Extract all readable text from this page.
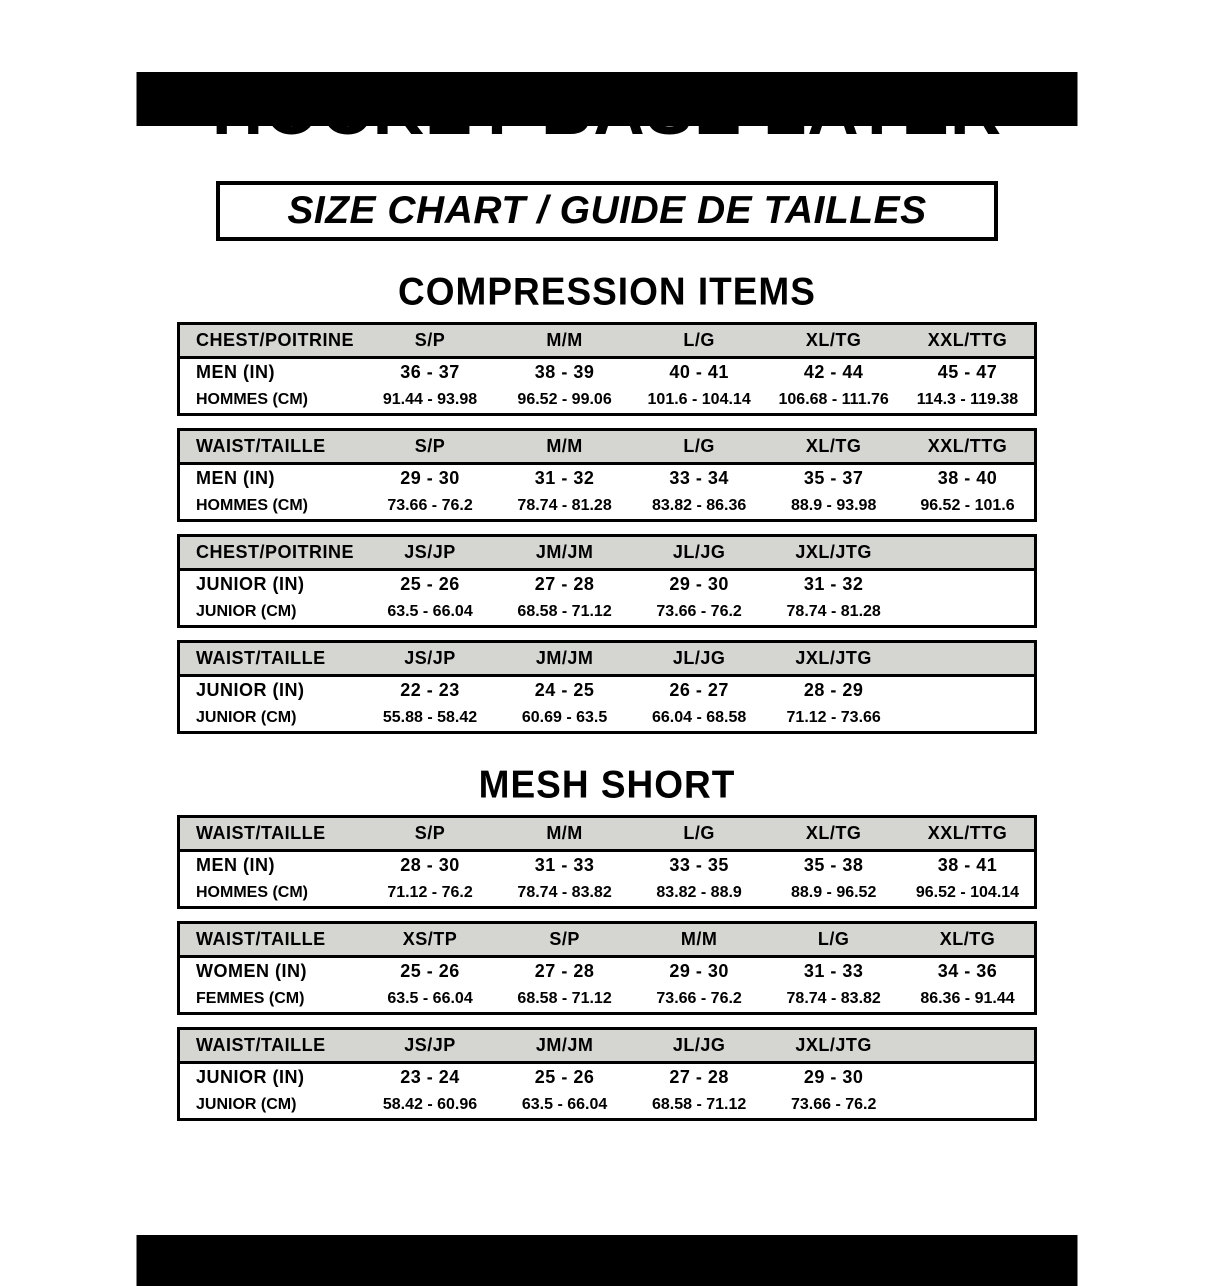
HOCKEY BASE LAYER
SIZE CHART / GUIDE DE TAILLES
COMPRESSION ITEMS
CHEST/POITRINE	S/P	M/M	L/G	XL/TG	XXL/TTG
MEN (IN)	36 - 37	38 - 39	40 - 41	42 - 44	45 - 47
HOMMES (CM)	91.44 - 93.98	96.52 - 99.06	101.6 - 104.14	106.68 - 111.76	114.3 - 119.38
WAIST/TAILLE	S/P	M/M	L/G	XL/TG	XXL/TTG
MEN (IN)	29 - 30	31 - 32	33 - 34	35 - 37	38 - 40
HOMMES (CM)	73.66 - 76.2	78.74 - 81.28	83.82 - 86.36	88.9 - 93.98	96.52 - 101.6
CHEST/POITRINE	JS/JP	JM/JM	JL/JG	JXL/JTG	
JUNIOR (IN)	25 - 26	27 - 28	29 - 30	31 - 32	
JUNIOR (CM)	63.5 - 66.04	68.58 - 71.12	73.66 - 76.2	78.74 - 81.28	
WAIST/TAILLE	JS/JP	JM/JM	JL/JG	JXL/JTG	
JUNIOR (IN)	22 - 23	24 - 25	26 - 27	28 - 29	
JUNIOR (CM)	55.88 - 58.42	60.69 - 63.5	66.04 - 68.58	71.12 - 73.66	
MESH SHORT
WAIST/TAILLE	S/P	M/M	L/G	XL/TG	XXL/TTG
MEN (IN)	28 - 30	31 - 33	33 - 35	35 - 38	38 - 41
HOMMES (CM)	71.12 - 76.2	78.74 - 83.82	83.82 - 88.9	88.9 - 96.52	96.52 - 104.14
WAIST/TAILLE	XS/TP	S/P	M/M	L/G	XL/TG
WOMEN (IN)	25 - 26	27 - 28	29 - 30	31 - 33	34 - 36
FEMMES (CM)	63.5 - 66.04	68.58 - 71.12	73.66 - 76.2	78.74 - 83.82	86.36 - 91.44
WAIST/TAILLE	JS/JP	JM/JM	JL/JG	JXL/JTG	
JUNIOR (IN)	23 - 24	25 - 26	27 - 28	29 - 30	
JUNIOR (CM)	58.42 - 60.96	63.5 - 66.04	68.58 - 71.12	73.66 - 76.2	
